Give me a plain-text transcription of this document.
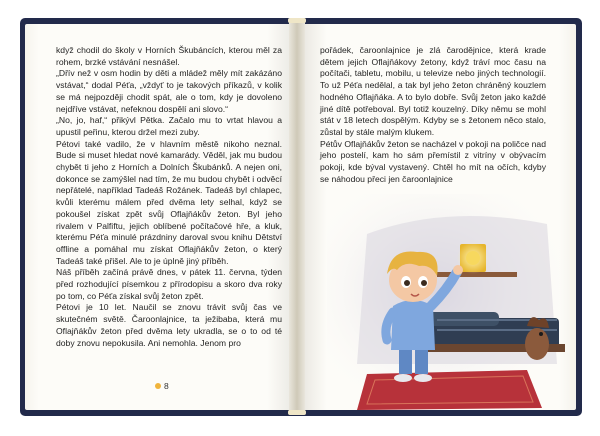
když chodil do školy v Horních Škubáncích, kterou měl za rohem, brzké vstávání nesnášel.

„Dřív než v osm hodin by děti a mládež měly mít zakázáno vstávat,“ dodal Péťa, „vždyť to je takových příkazů, v kolik se má nejpozději chodit spát, ale o tom, kdy je dovoleno nejdříve vstávat, nefeknou dospělí ani slovo.“

„No, jo, haf,“ přikývl Pětka. Začalo mu to vrtat hlavou a upustil peřinu, kterou držel mezi zuby.

Pétovi také vadilo, že v hlavním městě nikoho neznal. Bude si muset hledat nové kamarády. Věděl, jak mu budou chybět ti jeho z Horních a Dolních Škubánků. A nejen oni, dokonce se zamýšlel nad tím, že mu budou chybět i odvěcí nepřátelé, například Tadeáš Rožánek. Tadeáš byl chlapec, kvůli kterému málem před dvěma lety selhal, když se pokoušel získat zpět svůj Oflajňákův žeton. Byl jeho rivalem v Palfiftu, jejich oblíbené počítačové hře, a kluk, kterému Péťa minulé prázdniny daroval svou knihu Dětství offline a pomáhal mu získat Oflajňákův žeton, o který Tadeáš také přišel. Ale to je úplně jiný příběh.

Náš příběh začíná právě dnes, v pátek 11. června, týden před rozhodující písemkou z přírodopisu a skoro dva roky po tom, co Péťa získal svůj žeton zpět.

Pétovi je 10 let. Naučil se znovu trávit svůj čas ve skutečném světě. Čaroonlajnice, ta ježibaba, která mu Oflajňákův žeton před dvěma lety ukradla, se o to od té doby znovu nepokusila. Ani nemohla. Jenom pro

8

pořádek, čaroonlajnice je zlá čarodějnice, která krade dětem jejich Oflajňákovy žetony, když tráví moc času na počítači, tabletu, mobilu, u televize nebo jiných technologií. To už Péťa nedělal, a tak byl jeho žeton chráněný kouzlem hodného Oflajňáka. A to bylo dobře. Svůj žeton jako každé jiné dítě potřeboval. Byl totiž kouzelný. Díky němu se mohl stát v 18 letech dospělým. Kdyby se s žetonem něco stalo, zůstal by stále malým klukem.

Pétův Oflajňákův žeton se nacházel v pokoji na poličce nad jeho postelí, kam ho sám přemístil z vitríny v obývacím pokoji, kde býval vystavený. Chtěl ho mít na očích, kdyby se náhodou přeci jen čaroonlajnice
